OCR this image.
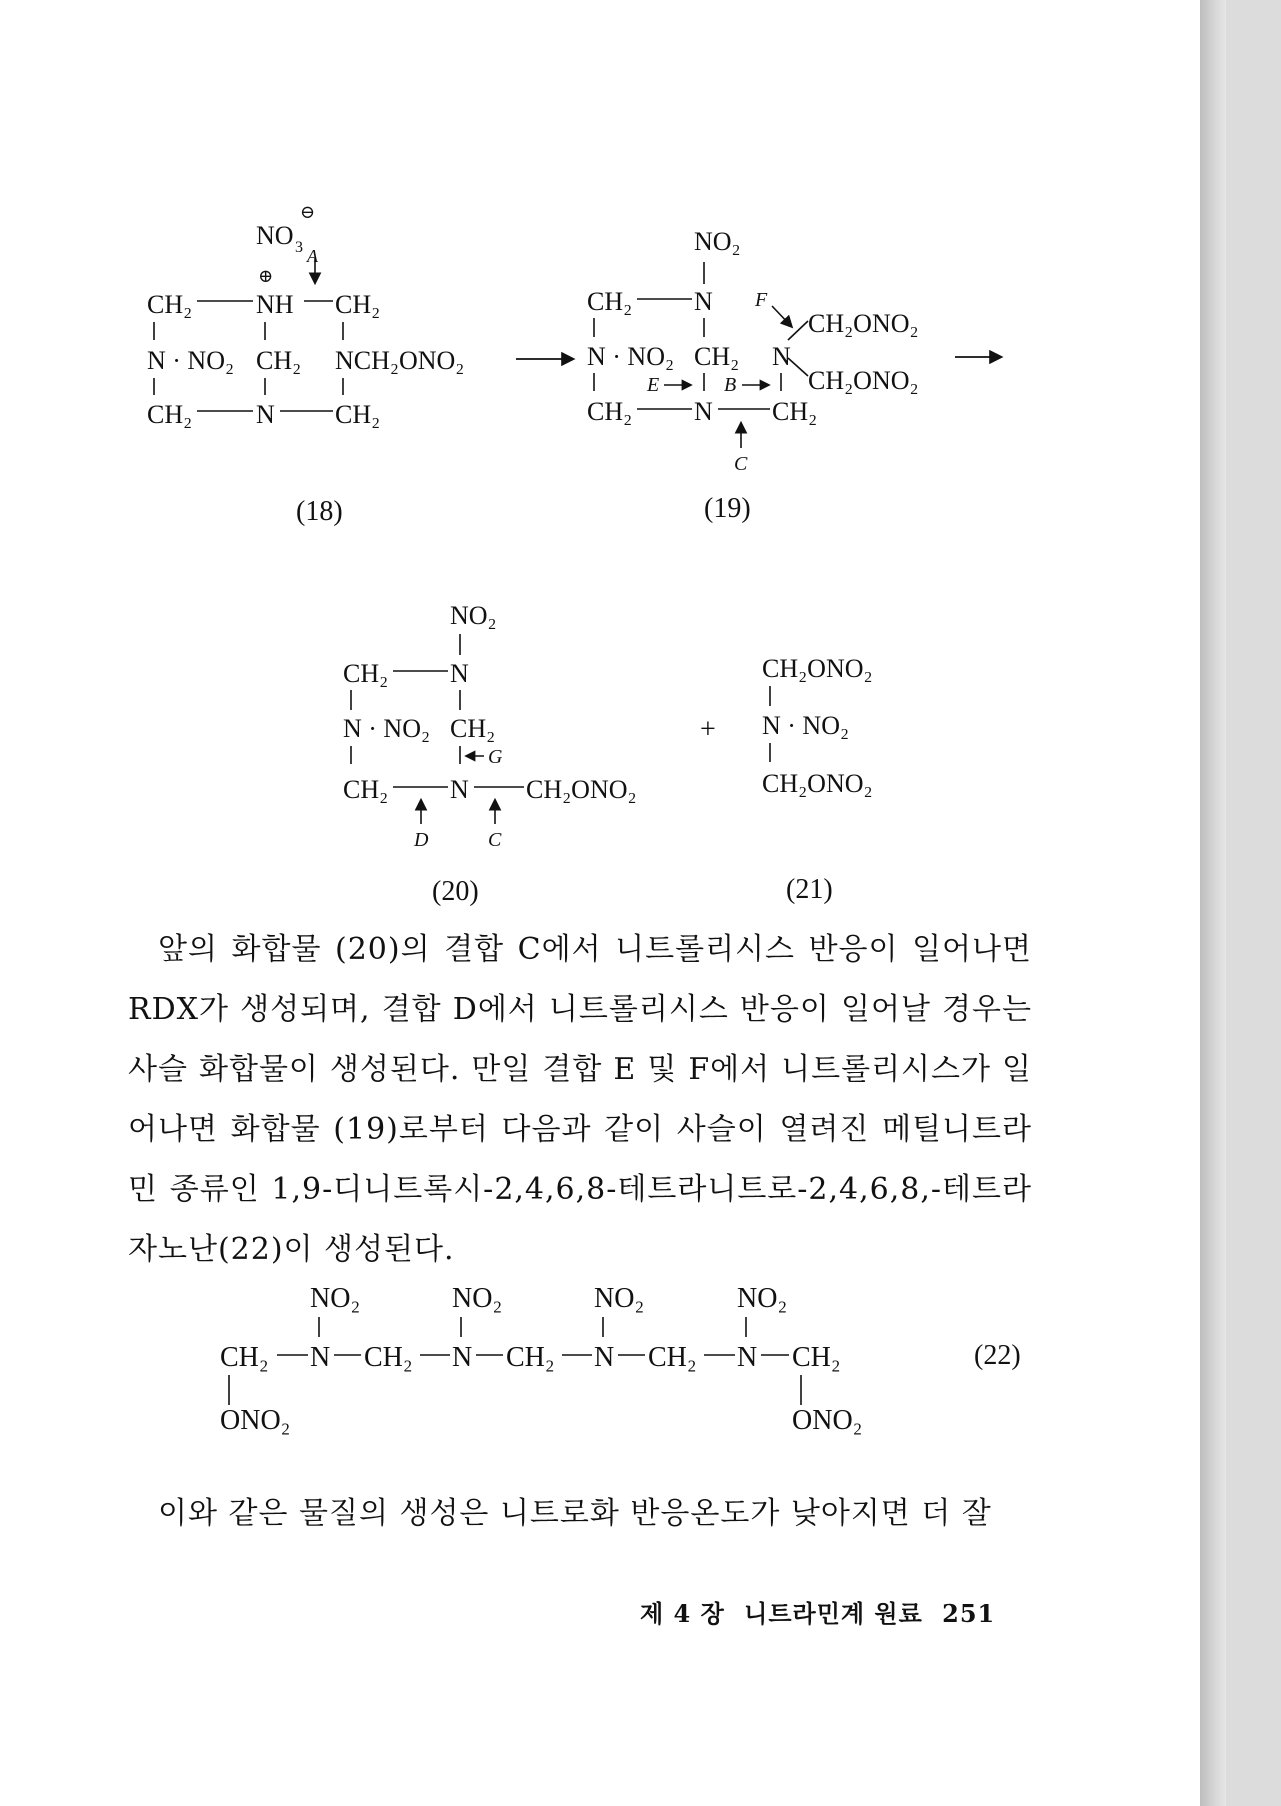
NO 3
⊖
A
⊕
CH₂ NH CH₂
N · NO₂ CH₂ NCH₂ONO₂
CH₂ N CH₂
(18)
NO₂
CH₂ N F
CH₂ONO₂
N · NO₂ CH₂ N
CH₂ONO₂
E	B
CH₂ N CH₂
C
(19)
NO₂
CH₂ N
N · NO₂ CH₂
G
CH₂ N CH₂ONO₂
D	C
(20)
+
CH₂ONO₂
N · NO₂
CH₂ONO₂
(21)
NO₂	NO₂	NO₂	NO₂
CH₂ N CH₂ N CH₂ N CH₂ N CH₂
ONO₂	ONO₂
(22)

앞의 화합물 (20)의 결합 C에서 니트롤리시스 반응이 일어나면 RDX가 생성되며, 결합 D에서 니트롤리시스 반응이 일어날 경우는 사슬 화합물이 생성된다. 만일 결합 E 및 F에서 니트롤리시스가 일어나면 화합물 (19)로부터 다음과 같이 사슬이 열려진 메틸니트라민 종류인 1,9-디니트록시-2,4,6,8-테트라니트로-2,4,6,8,-테트라자노난(22)이 생성된다.

이와 같은 물질의 생성은 니트로화 반응온도가 낮아지면 더 잘

제 4 장 니트라민계 원료 251
